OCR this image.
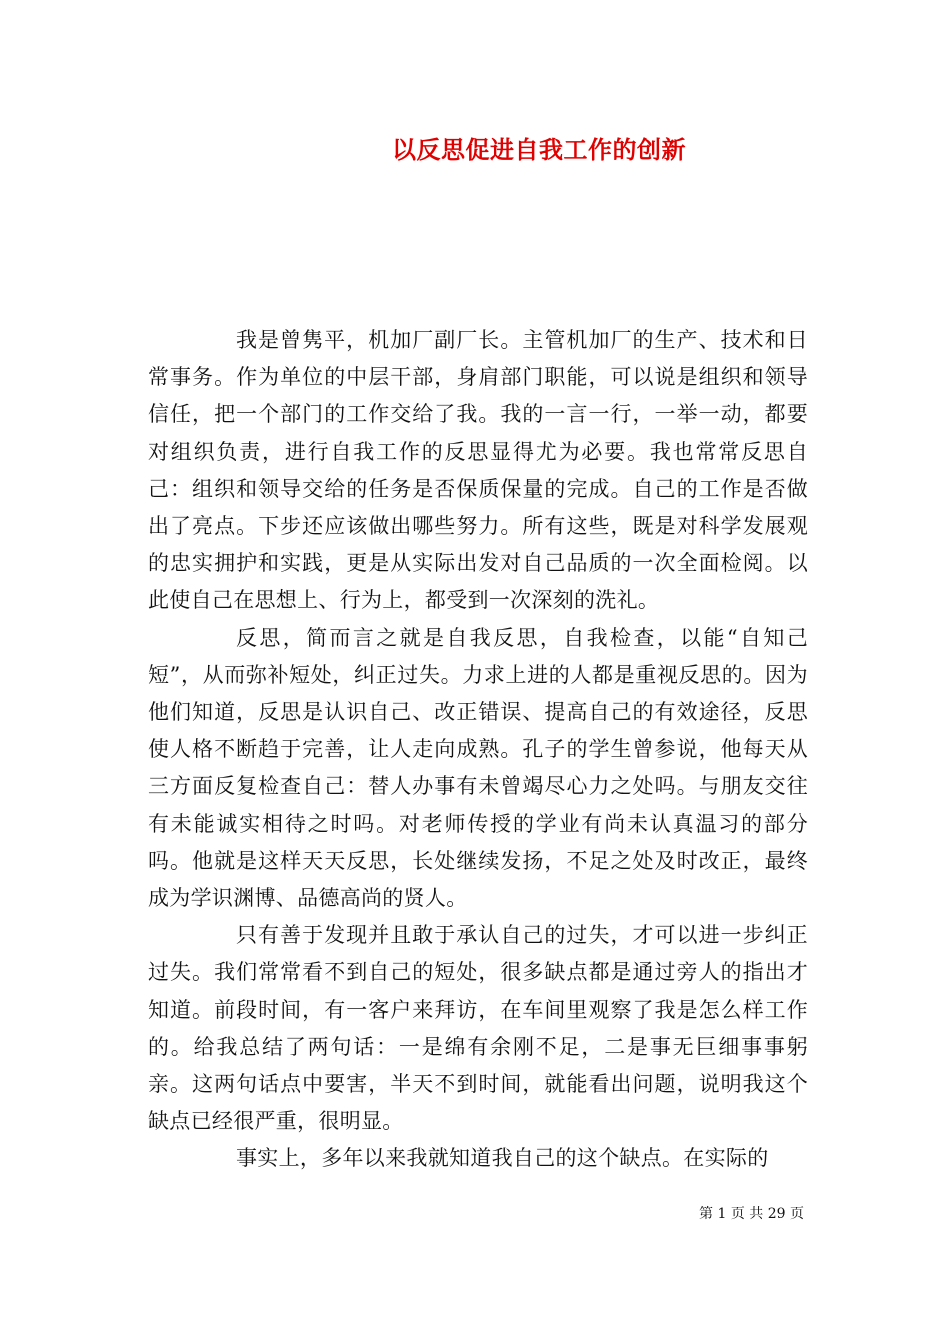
以反思促进自我工作的创新

我是曾隽平，机加厂副厂长。主管机加厂的生产、技术和日常事务。作为单位的中层干部，身肩部门职能，可以说是组织和领导信任，把一个部门的工作交给了我。我的一言一行，一举一动，都要对组织负责，进行自我工作的反思显得尤为必要。我也常常反思自己：组织和领导交给的任务是否保质保量的完成。自己的工作是否做出了亮点。下步还应该做出哪些努力。所有这些，既是对科学发展观的忠实拥护和实践，更是从实际出发对自己品质的一次全面检阅。以此使自己在思想上、行为上，都受到一次深刻的洗礼。

反思，简而言之就是自我反思，自我检查，以能“自知己短”，从而弥补短处，纠正过失。力求上进的人都是重视反思的。因为他们知道，反思是认识自己、改正错误、提高自己的有效途径，反思使人格不断趋于完善，让人走向成熟。孔子的学生曾参说，他每天从三方面反复检查自己：替人办事有未曾竭尽心力之处吗。与朋友交往有未能诚实相待之时吗。对老师传授的学业有尚未认真温习的部分吗。他就是这样天天反思，长处继续发扬，不足之处及时改正，最终成为学识渊博、品德高尚的贤人。

只有善于发现并且敢于承认自己的过失，才可以进一步纠正过失。我们常常看不到自己的短处，很多缺点都是通过旁人的指出才知道。前段时间，有一客户来拜访，在车间里观察了我是怎么样工作的。给我总结了两句话：一是绵有余刚不足，二是事无巨细事事躬亲。这两句话点中要害，半天不到时间，就能看出问题，说明我这个缺点已经很严重，很明显。

事实上，多年以来我就知道我自己的这个缺点。在实际的

第 1 页 共 29 页
